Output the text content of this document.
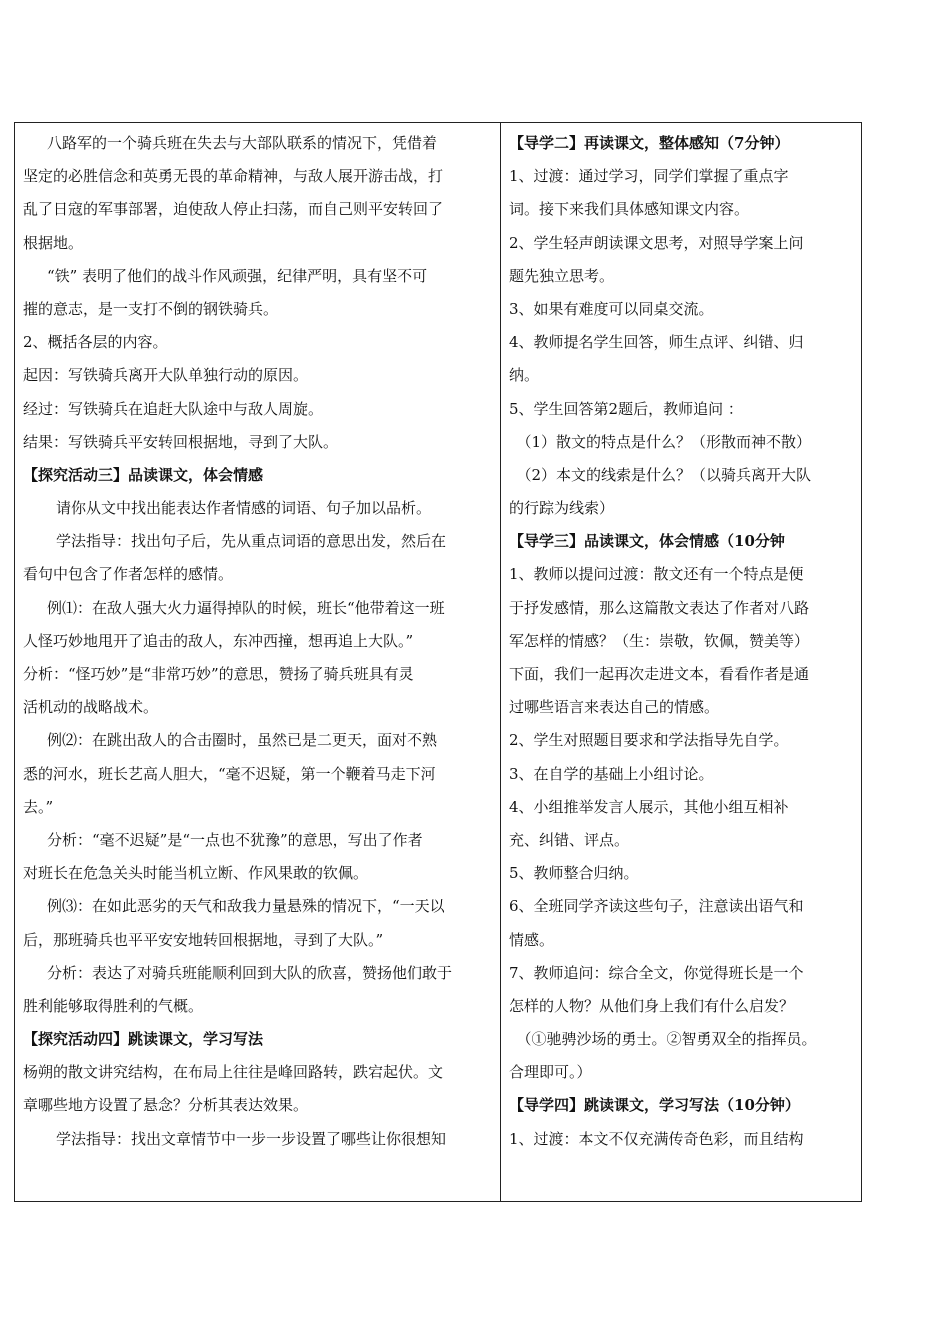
八路军的一个骑兵班在失去与大部队联系的情况下，凭借着
坚定的必胜信念和英勇无畏的革命精神，与敌人展开游击战，打
乱了日寇的军事部署，迫使敌人停止扫荡，而自己则平安转回了
根据地。
“铁” 表明了他们的战斗作风顽强，纪律严明，具有坚不可
摧的意志，是一支打不倒的钢铁骑兵。
2、概括各层的内容。
起因：写铁骑兵离开大队单独行动的原因。
经过：写铁骑兵在追赶大队途中与敌人周旋。
结果：写铁骑兵平安转回根据地，寻到了大队。
【探究活动三】品读课文，体会情感
请你从文中找出能表达作者情感的词语、句子加以品析。
学法指导：找出句子后，先从重点词语的意思出发，然后在
看句中包含了作者怎样的感情。
例⑴：在敌人强大火力逼得掉队的时候，班长“他带着这一班
人怪巧妙地甩开了追击的敌人，东冲西撞，想再追上大队。”
分析：“怪巧妙”是“非常巧妙”的意思，赞扬了骑兵班具有灵
活机动的战略战术。
例⑵：在跳出敌人的合击圈时，虽然已是二更天，面对不熟
悉的河水，班长艺高人胆大，“毫不迟疑，第一个鞭着马走下河
去。”
分析：“毫不迟疑”是“一点也不犹豫”的意思，写出了作者
对班长在危急关头时能当机立断、作风果敢的钦佩。
例⑶：在如此恶劣的天气和敌我力量悬殊的情况下，“一天以
后，那班骑兵也平平安安地转回根据地，寻到了大队。”
分析：表达了对骑兵班能顺利回到大队的欣喜，赞扬他们敢于
胜利能够取得胜利的气概。
【探究活动四】跳读课文，学习写法
杨朔的散文讲究结构，在布局上往往是峰回路转，跌宕起伏。文
章哪些地方设置了悬念？分析其表达效果。
学法指导：找出文章情节中一步一步设置了哪些让你很想知

【导学二】再读课文，整体感知（7分钟）
1、过渡：通过学习，同学们掌握了重点字
词。接下来我们具体感知课文内容。
2、学生轻声朗读课文思考，对照导学案上问
题先独立思考。
3、如果有难度可以同桌交流。
4、教师提名学生回答，师生点评、纠错、归
纳。
5、学生回答第2题后，教师追问 ：
（1）散文的特点是什么？（形散而神不散）
（2）本文的线索是什么？（以骑兵离开大队
的行踪为线索）
【导学三】品读课文，体会情感（10分钟
1、教师以提问过渡：散文还有一个特点是便
于抒发感情，那么这篇散文表达了作者对八路
军怎样的情感？（生：崇敬，钦佩，赞美等）
下面，我们一起再次走进文本，看看作者是通
过哪些语言来表达自己的情感。
2、学生对照题目要求和学法指导先自学。
3、在自学的基础上小组讨论。
4、小组推举发言人展示，其他小组互相补
充、纠错、评点。
5、教师整合归纳。
6、全班同学齐读这些句子，注意读出语气和
情感。
7、教师追问：综合全文，你觉得班长是一个
怎样的人物？从他们身上我们有什么启发？
（①驰骋沙场的勇士。②智勇双全的指挥员。
合理即可。）
【导学四】跳读课文，学习写法（10分钟）
1、过渡：本文不仅充满传奇色彩，而且结构
